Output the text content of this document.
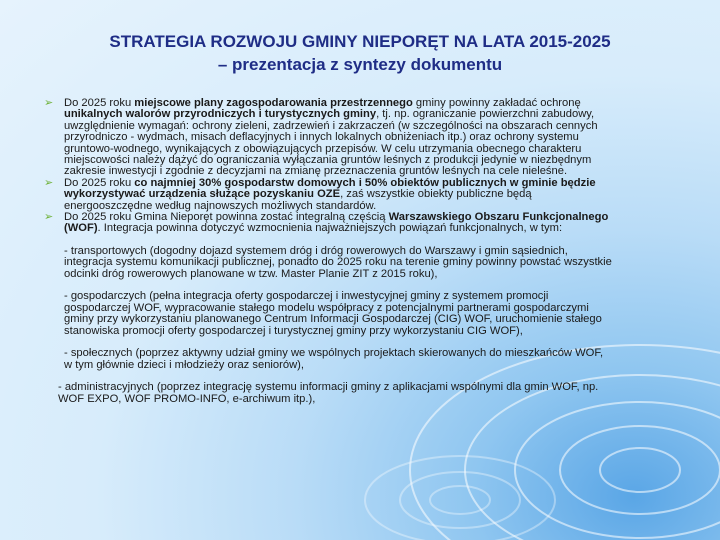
STRATEGIA ROZWOJU GMINY NIEPORĘT NA LATA 2015-2025
– prezentacja z syntezy dokumentu

➢ Do 2025 roku miejscowe plany zagospodarowania przestrzennego gminy powinny zakładać ochronę unikalnych walorów przyrodniczych i turystycznych gminy, tj. np. ograniczanie powierzchni zabudowy, uwzględnienie wymagań: ochrony zieleni, zadrzewień i zakrzaczeń (w szczególności na obszarach cennych przyrodniczo - wydmach, misach deflacyjnych i innych lokalnych obniżeniach itp.) oraz ochrony systemu gruntowo-wodnego, wynikających z obowiązujących przepisów. W celu utrzymania obecnego charakteru miejscowości należy dążyć do ograniczania wyłączania gruntów leśnych z produkcji jedynie w niezbędnym zakresie inwestycji i zgodnie z decyzjami na zmianę przeznaczenia gruntów leśnych na cele nieleśne.

➢ Do 2025 roku co najmniej 30% gospodarstw domowych i 50% obiektów publicznych w gminie będzie wykorzystywać urządzenia służące pozyskaniu OZE, zaś wszystkie obiekty publiczne będą energooszczędne według najnowszych możliwych standardów.

➢ Do 2025 roku Gmina Nieporęt powinna zostać integralną częścią Warszawskiego Obszaru Funkcjonalnego (WOF). Integracja powinna dotyczyć wzmocnienia najważniejszych powiązań funkcjonalnych, w tym:

- transportowych (dogodny dojazd systemem dróg i dróg rowerowych do Warszawy i gmin sąsiednich, integracja systemu komunikacji publicznej, ponadto do 2025 roku na terenie gminy powinny powstać wszystkie odcinki dróg rowerowych planowane w tzw. Master Planie ZIT z 2015 roku),

- gospodarczych (pełna integracja oferty gospodarczej i inwestycyjnej gminy z systemem promocji gospodarczej WOF, wypracowanie stałego modelu współpracy z potencjalnymi partnerami gospodarczymi gminy przy wykorzystaniu planowanego Centrum Informacji Gospodarczej (CIG) WOF, uruchomienie stałego stanowiska promocji oferty gospodarczej i turystycznej gminy przy wykorzystaniu CIG WOF),

- społecznych (poprzez aktywny udział gminy we wspólnych projektach skierowanych do mieszkańców WOF, w tym głównie dzieci i młodzieży oraz seniorów),

- administracyjnych (poprzez integrację systemu informacji gminy z aplikacjami wspólnymi dla gmin WOF, np. WOF EXPO, WOF PROMO-INFO, e-archiwum itp.),
